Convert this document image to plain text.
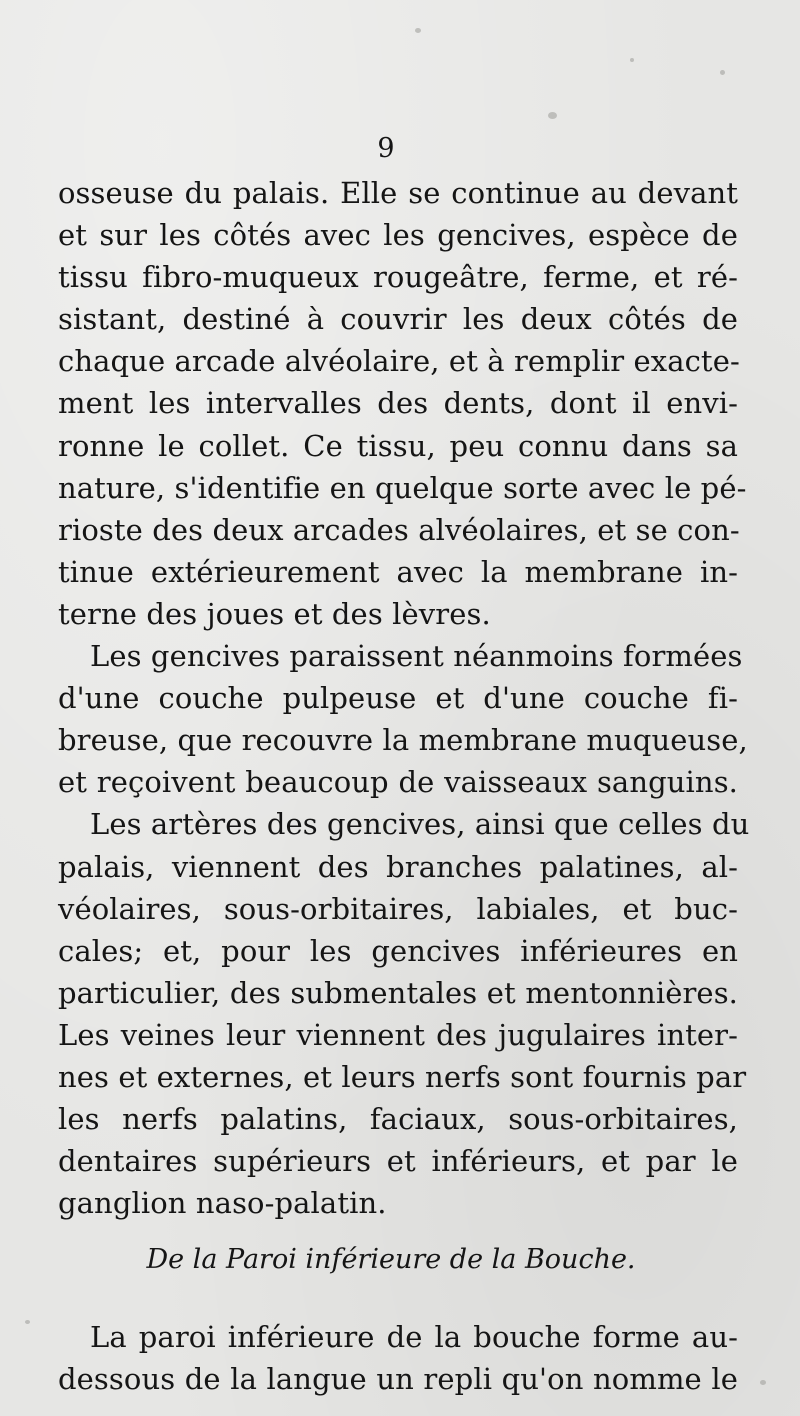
9
osseuse du palais. Elle se continue au devant
et sur les côtés avec les gencives, espèce de
tissu fibro-muqueux rougeâtre, ferme, et ré-
sistant, destiné à couvrir les deux côtés de
chaque arcade alvéolaire, et à remplir exacte-
ment les intervalles des dents, dont il envi-
ronne le collet. Ce tissu, peu connu dans sa
nature, s'identifie en quelque sorte avec le pé-
rioste des deux arcades alvéolaires, et se con-
tinue extérieurement avec la membrane in-
terne des joues et des lèvres.
Les gencives paraissent néanmoins formées
d'une couche pulpeuse et d'une couche fi-
breuse, que recouvre la membrane muqueuse,
et reçoivent beaucoup de vaisseaux sanguins.
Les artères des gencives, ainsi que celles du
palais, viennent des branches palatines, al-
véolaires, sous-orbitaires, labiales, et buc-
cales; et, pour les gencives inférieures en
particulier, des submentales et mentonnières.
Les veines leur viennent des jugulaires inter-
nes et externes, et leurs nerfs sont fournis par
les nerfs palatins, faciaux, sous-orbitaires,
dentaires supérieurs et inférieurs, et par le
ganglion naso-palatin.
De la Paroi inférieure de la Bouche.
La paroi inférieure de la bouche forme au-
dessous de la langue un repli qu'on nomme le
